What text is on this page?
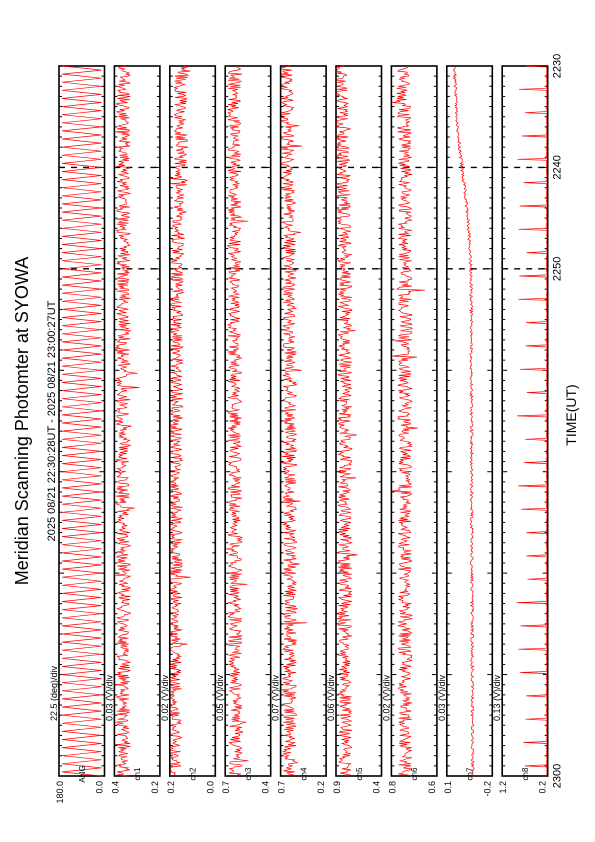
Meridian Scanning Photomter at SYOWA 2025 08/21 22:30:28UT - 2025 08/21 23:00:27UT	TIME(UT)
180.0	0.0
ANG
22.5 (deg)/div
0.4	0.2
ch1
0.03 (V)/div
0.2	0.0
ch2
0.02 (V)/div
0.7	0.4
ch3
0.05 (V)/div
0.7	0.2
ch4
0.07 (V)/div
0.9	0.4
ch5
0.06 (V)/div
0.8	0.6
ch6
0.02 (V)/div
0.1	-0.2
ch7
0.03 (V)/div
1.2	0.2
ch8
0.13 (V)/div
2230
2240
2250
2300
